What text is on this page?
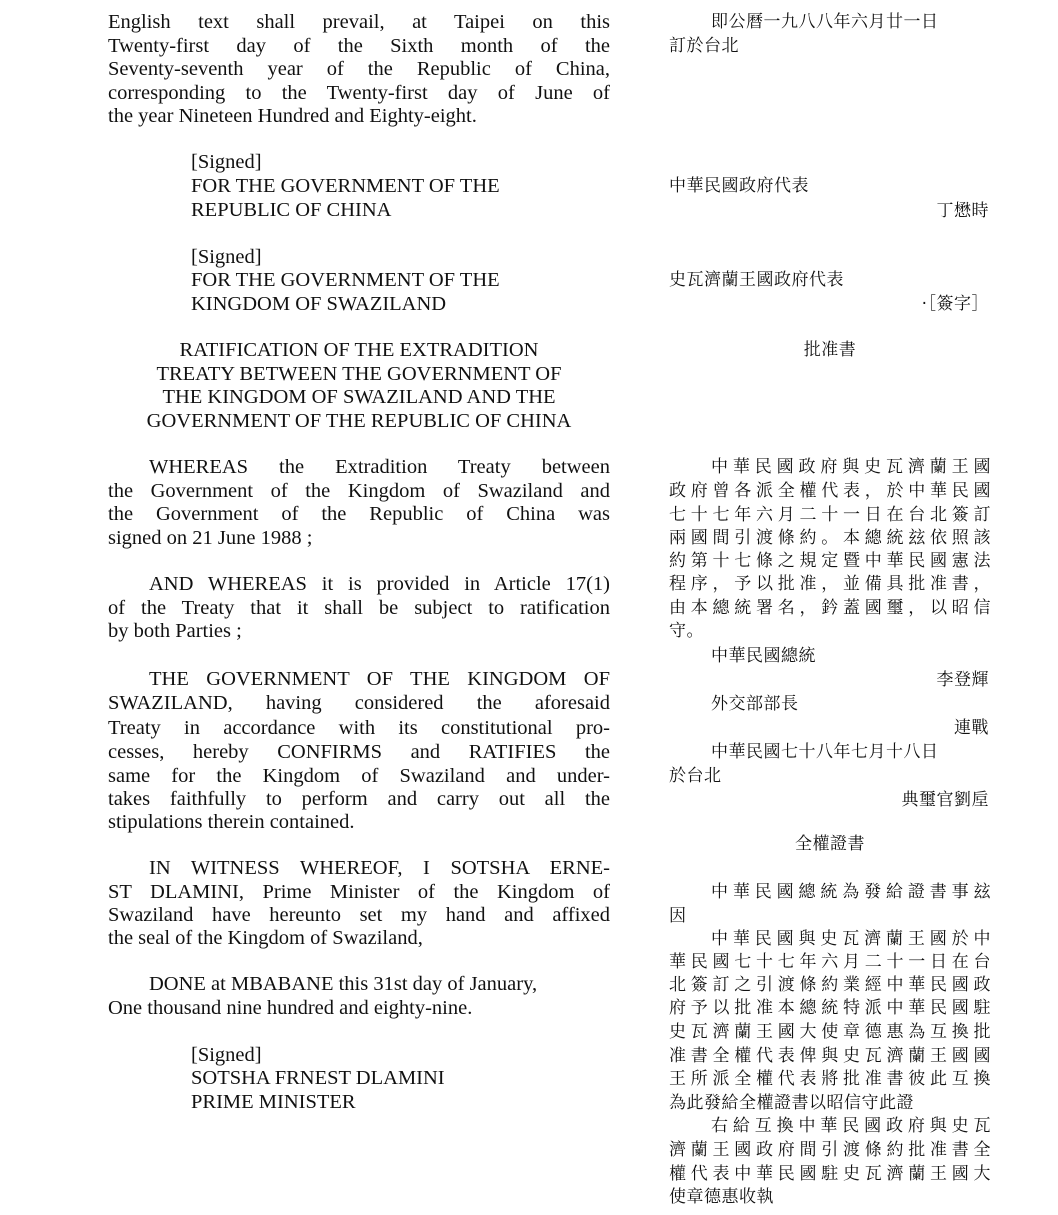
English text shall prevail, at Taipei on this
Twenty-first day of the Sixth month of the
Seventy-seventh year of the Republic of China,
corresponding to the Twenty-first day of June of
the year Nineteen Hundred and Eighty-eight.
[Signed]
FOR THE GOVERNMENT OF THE
REPUBLIC OF CHINA
[Signed]
FOR THE GOVERNMENT OF THE
KINGDOM OF SWAZILAND
RATIFICATION OF THE EXTRADITION
TREATY BETWEEN THE GOVERNMENT OF
THE KINGDOM OF SWAZILAND AND THE
GOVERNMENT OF THE REPUBLIC OF CHINA
WHEREAS the Extradition Treaty between
the Government of the Kingdom of Swaziland and
the Government of the Republic of China was
signed on 21 June 1988 ;
AND WHEREAS it is provided in Article 17(1)
of the Treaty that it shall be subject to ratification
by both Parties ;
THE GOVERNMENT OF THE KINGDOM OF
SWAZILAND, having considered the aforesaid
Treaty in accordance with its constitutional pro-
cesses, hereby CONFIRMS and RATIFIES the
same for the Kingdom of Swaziland and under-
takes faithfully to perform and carry out all the
stipulations therein contained.
IN WITNESS WHEREOF, I SOTSHA ERNE-
ST DLAMINI, Prime Minister of the Kingdom of
Swaziland have hereunto set my hand and affixed
the seal of the Kingdom of Swaziland,
DONE at MBABANE this 31st day of January,
One thousand nine hundred and eighty-nine.
[Signed]
SOTSHA FRNEST DLAMINI
PRIME MINISTER
即公曆一九八八年六月廿一日
訂於台北
中華民國政府代表
丁懋時
史瓦濟蘭王國政府代表
·［簽字］
批准書
中華民國政府與史瓦濟蘭王國
政府曾各派全權代表，於中華民國
七十七年六月二十一日在台北簽訂
兩國間引渡條約。本總統玆依照該
約第十七條之規定暨中華民國憲法
程序，予以批准，並備具批准書，
由本總統署名，鈐蓋國璽，以昭信
守。
中華民國總統
李登輝
外交部部長
連戰
中華民國七十八年七月十八日
於台北
典璽官劉垕
全權證書
中華民國總統為發給證書事玆
因
中華民國與史瓦濟蘭王國於中
華民國七十七年六月二十一日在台
北簽訂之引渡條約業經中華民國政
府予以批准本總統特派中華民國駐
史瓦濟蘭王國大使章德惠為互換批
准書全權代表俾與史瓦濟蘭王國國
王所派全權代表將批准書彼此互換
為此發給全權證書以昭信守此證
右給互換中華民國政府與史瓦
濟蘭王國政府間引渡條約批准書全
權代表中華民國駐史瓦濟蘭王國大
使章德惠收執
